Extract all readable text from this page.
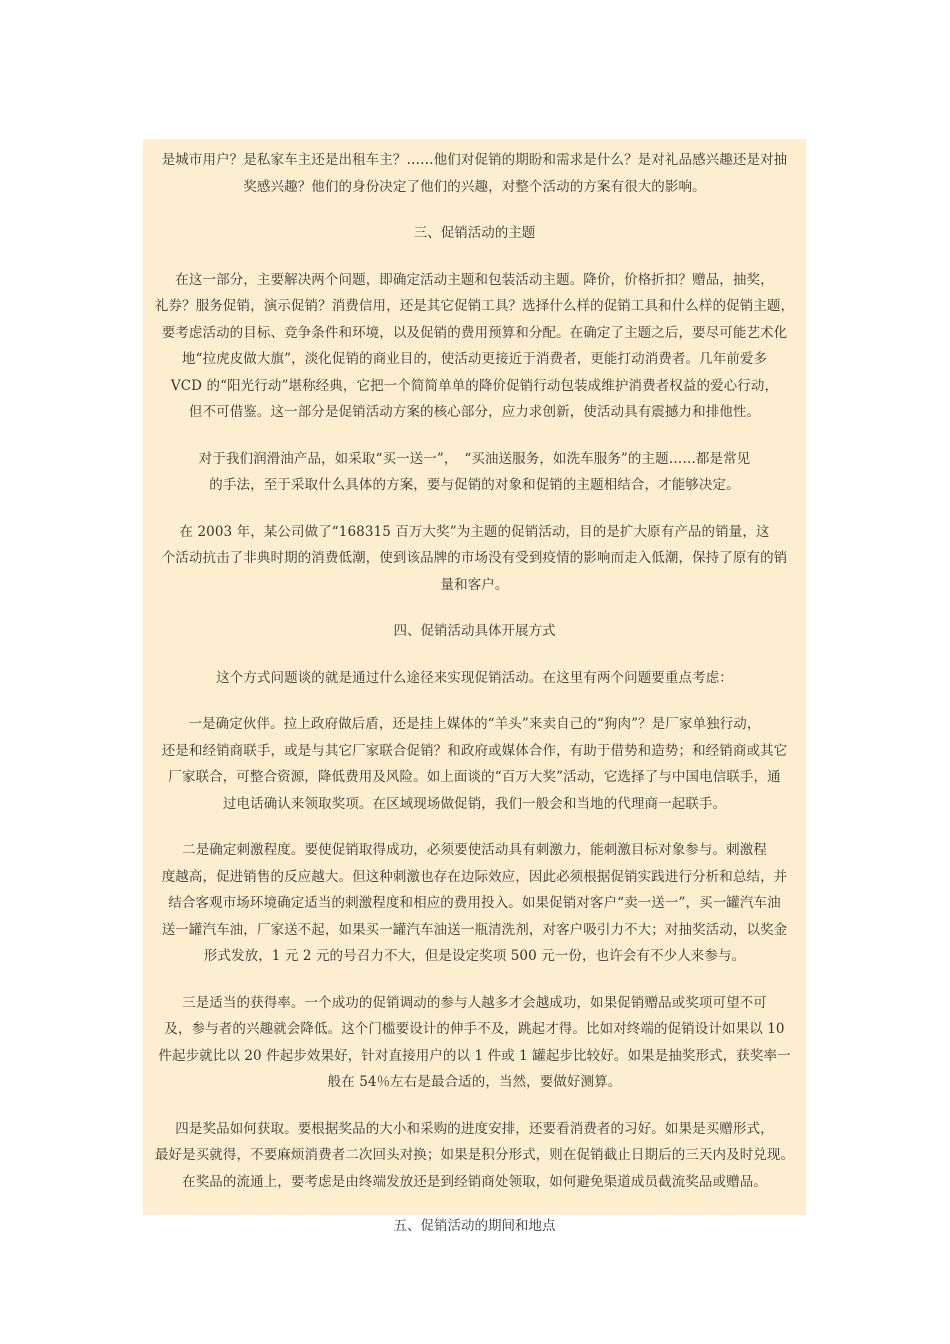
是城市用户？是私家车主还是出租车主？……他们对促销的期盼和需求是什么？是对礼品感兴趣还是对抽

奖感兴趣？他们的身份决定了他们的兴趣，对整个活动的方案有很大的影响。

三、促销活动的主题

在这一部分，主要解决两个问题，即确定活动主题和包装活动主题。降价，价格折扣？赠品，抽奖，

礼券？服务促销，演示促销？消费信用，还是其它促销工具？选择什么样的促销工具和什么样的促销主题，

要考虑活动的目标、竞争条件和环境，以及促销的费用预算和分配。在确定了主题之后，要尽可能艺术化

地“拉虎皮做大旗”，淡化促销的商业目的，使活动更接近于消费者，更能打动消费者。几年前爱多

VCD 的“阳光行动”堪称经典，它把一个简简单单的降价促销行动包装成维护消费者权益的爱心行动，

但不可借鉴。这一部分是促销活动方案的核心部分，应力求创新，使活动具有震撼力和排他性。

对于我们润滑油产品，如采取“买一送一”，　“买油送服务，如洗车服务”的主题……都是常见

的手法，至于采取什么具体的方案，要与促销的对象和促销的主题相结合，才能够决定。

在 2003 年，某公司做了“168315 百万大奖”为主题的促销活动，目的是扩大原有产品的销量，这

个活动抗击了非典时期的消费低潮，使到该品牌的市场没有受到疫情的影响而走入低潮，保持了原有的销

量和客户。

四、促销活动具体开展方式

这个方式问题谈的就是通过什么途径来实现促销活动。在这里有两个问题要重点考虑：

一是确定伙伴。拉上政府做后盾，还是挂上媒体的“羊头”来卖自己的“狗肉”？是厂家单独行动，

还是和经销商联手，或是与其它厂家联合促销？和政府或媒体合作，有助于借势和造势；和经销商或其它

厂家联合，可整合资源，降低费用及风险。如上面谈的“百万大奖”活动，它选择了与中国电信联手，通

过电话确认来领取奖项。在区域现场做促销，我们一般会和当地的代理商一起联手。

二是确定刺激程度。要使促销取得成功，必须要使活动具有刺激力，能刺激目标对象参与。刺激程

度越高，促进销售的反应越大。但这种刺激也存在边际效应，因此必须根据促销实践进行分析和总结，并

结合客观市场环境确定适当的刺激程度和相应的费用投入。如果促销对客户“卖一送一”，买一罐汽车油

送一罐汽车油，厂家送不起，如果买一罐汽车油送一瓶清洗剂，对客户吸引力不大；对抽奖活动，以奖金

形式发放，1 元 2 元的号召力不大，但是设定奖项 500 元一份，也许会有不少人来参与。

三是适当的获得率。一个成功的促销调动的参与人越多才会越成功，如果促销赠品或奖项可望不可

及，参与者的兴趣就会降低。这个门槛要设计的伸手不及，跳起才得。比如对终端的促销设计如果以 10

件起步就比以 20 件起步效果好，针对直接用户的以 1 件或 1 罐起步比较好。如果是抽奖形式，获奖率一

般在 54％左右是最合适的，当然，要做好测算。

四是奖品如何获取。要根据奖品的大小和采购的进度安排，还要看消费者的习好。如果是买赠形式，

最好是买就得，不要麻烦消费者二次回头对换；如果是积分形式，则在促销截止日期后的三天内及时兑现。

在奖品的流通上，要考虑是由终端发放还是到经销商处领取，如何避免渠道成员截流奖品或赠品。

五、促销活动的期间和地点
